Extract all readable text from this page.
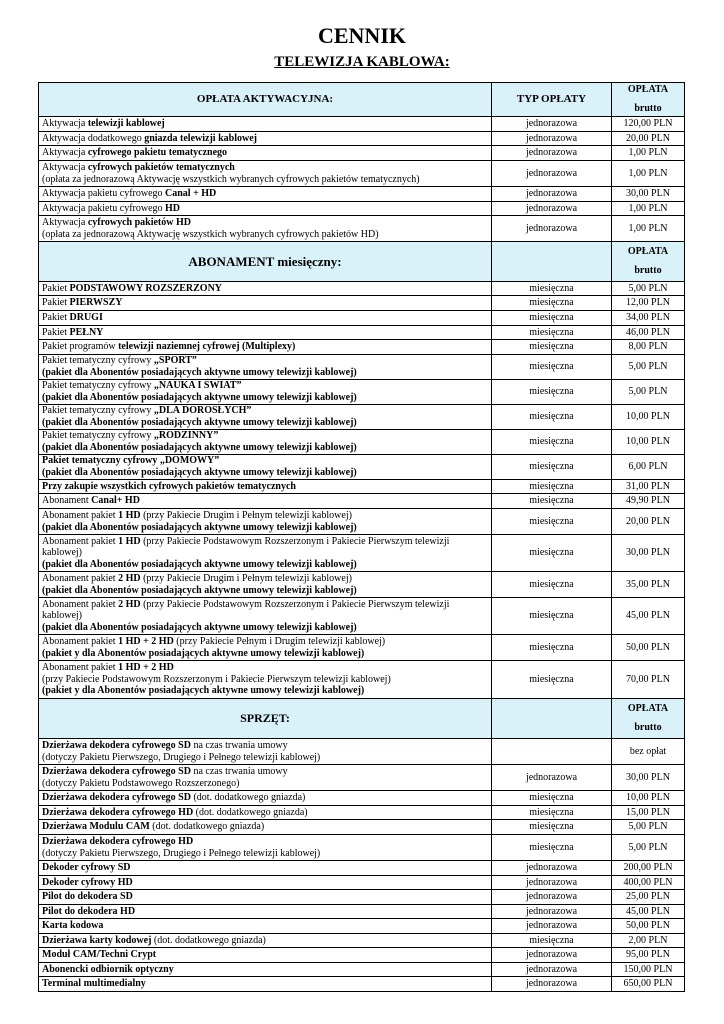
CENNIK
TELEWIZJA KABLOWA:
OPŁATA AKTYWACYJNA:	TYP OPŁATY	OPŁATA
brutto

Aktywacja telewizji kablowej	jednorazowa	120,00 PLN
Aktywacja dodatkowego gniazda telewizji kablowej	jednorazowa	20,00 PLN
Aktywacja cyfrowego pakietu tematycznego	jednorazowa	1,00 PLN
Aktywacja cyfrowych pakietów tematycznych
(opłata za jednorazową Aktywację wszystkich wybranych cyfrowych pakietów tematycznych)	jednorazowa	1,00 PLN
Aktywacja pakietu cyfrowego Canal + HD	jednorazowa	30,00 PLN
Aktywacja pakietu cyfrowego HD	jednorazowa	1,00 PLN
Aktywacja cyfrowych pakietów HD
(opłata za jednorazową Aktywację wszystkich wybranych cyfrowych pakietów HD)	jednorazowa	1,00 PLN
ABONAMENT miesięczny:		OPŁATA
brutto

Pakiet PODSTAWOWY ROZSZERZONY	miesięczna	5,00 PLN
Pakiet PIERWSZY	miesięczna	12,00 PLN
Pakiet DRUGI	miesięczna	34,00 PLN
Pakiet PEŁNY	miesięczna	46,00 PLN
Pakiet programów telewizji naziemnej cyfrowej (Multiplexy)	miesięczna	8,00 PLN
Pakiet tematyczny cyfrowy „SPORT”
(pakiet dla Abonentów posiadających aktywne umowy telewizji kablowej)	miesięczna	5,00 PLN
Pakiet tematyczny cyfrowy „NAUKA I ŚWIAT”
(pakiet dla Abonentów posiadających aktywne umowy telewizji kablowej)	miesięczna	5,00 PLN
Pakiet tematyczny cyfrowy „DLA DOROSŁYCH”
(pakiet dla Abonentów posiadających aktywne umowy telewizji kablowej)	miesięczna	10,00 PLN
Pakiet tematyczny cyfrowy „RODZINNY”
(pakiet dla Abonentów posiadających aktywne umowy telewizji kablowej)	miesięczna	10,00 PLN
Pakiet tematyczny cyfrowy „DOMOWY”
(pakiet dla Abonentów posiadających aktywne umowy telewizji kablowej)	miesięczna	6,00 PLN
Przy zakupie wszystkich cyfrowych pakietów tematycznych	miesięczna	31,00 PLN
Abonament Canal+ HD	miesięczna	49,90 PLN
Abonament pakiet 1 HD (przy Pakiecie Drugim i Pełnym telewizji kablowej)
(pakiet dla Abonentów posiadających aktywne umowy telewizji kablowej)	miesięczna	20,00 PLN
Abonament pakiet 1 HD (przy Pakiecie Podstawowym Rozszerzonym i Pakiecie Pierwszym telewizji kablowej)
(pakiet dla Abonentów posiadających aktywne umowy telewizji kablowej)	miesięczna	30,00 PLN
Abonament pakiet 2 HD (przy Pakiecie Drugim i Pełnym telewizji kablowej)
(pakiet dla Abonentów posiadających aktywne umowy telewizji kablowej)	miesięczna	35,00 PLN
Abonament pakiet 2 HD (przy Pakiecie Podstawowym Rozszerzonym i Pakiecie Pierwszym telewizji kablowej)
(pakiet dla Abonentów posiadających aktywne umowy telewizji kablowej)	miesięczna	45,00 PLN
Abonament pakiet 1 HD + 2 HD (przy Pakiecie Pełnym i Drugim telewizji kablowej)
(pakiet y dla Abonentów posiadających aktywne umowy telewizji kablowej)	miesięczna	50,00 PLN
Abonament pakiet 1 HD + 2 HD
(przy Pakiecie Podstawowym Rozszerzonym i Pakiecie Pierwszym telewizji kablowej)
(pakiet y dla Abonentów posiadających aktywne umowy telewizji kablowej)	miesięczna	70,00 PLN
SPRZĘT:		OPŁATA
brutto

Dzierżawa dekodera cyfrowego SD na czas trwania umowy
(dotyczy Pakietu Pierwszego, Drugiego i Pełnego telewizji kablowej)		bez opłat
Dzierżawa dekodera cyfrowego SD na czas trwania umowy
(dotyczy Pakietu Podstawowego Rozszerzonego)	jednorazowa	30,00 PLN
Dzierżawa dekodera cyfrowego SD (dot. dodatkowego gniazda)	miesięczna	10,00 PLN
Dzierżawa dekodera cyfrowego HD (dot. dodatkowego gniazda)	miesięczna	15,00 PLN
Dzierżawa Modulu CAM (dot. dodatkowego gniazda)	miesięczna	5,00 PLN
Dzierżawa dekodera cyfrowego HD
(dotyczy Pakietu Pierwszego, Drugiego i Pełnego telewizji kablowej)	miesięczna	5,00 PLN
Dekoder cyfrowy SD	jednorazowa	200,00 PLN
Dekoder cyfrowy HD	jednorazowa	400,00 PLN
Pilot do dekodera SD	jednorazowa	25,00 PLN
Pilot do dekodera HD	jednorazowa	45,00 PLN
Karta kodowa	jednorazowa	50,00 PLN
Dzierżawa karty kodowej (dot. dodatkowego gniazda)	miesięczna	2,00 PLN
Moduł CAM/Techni Crypt	jednorazowa	95,00 PLN
Abonencki odbiornik optyczny	jednorazowa	150,00 PLN
Terminal multimedialny	jednorazowa	650,00 PLN
